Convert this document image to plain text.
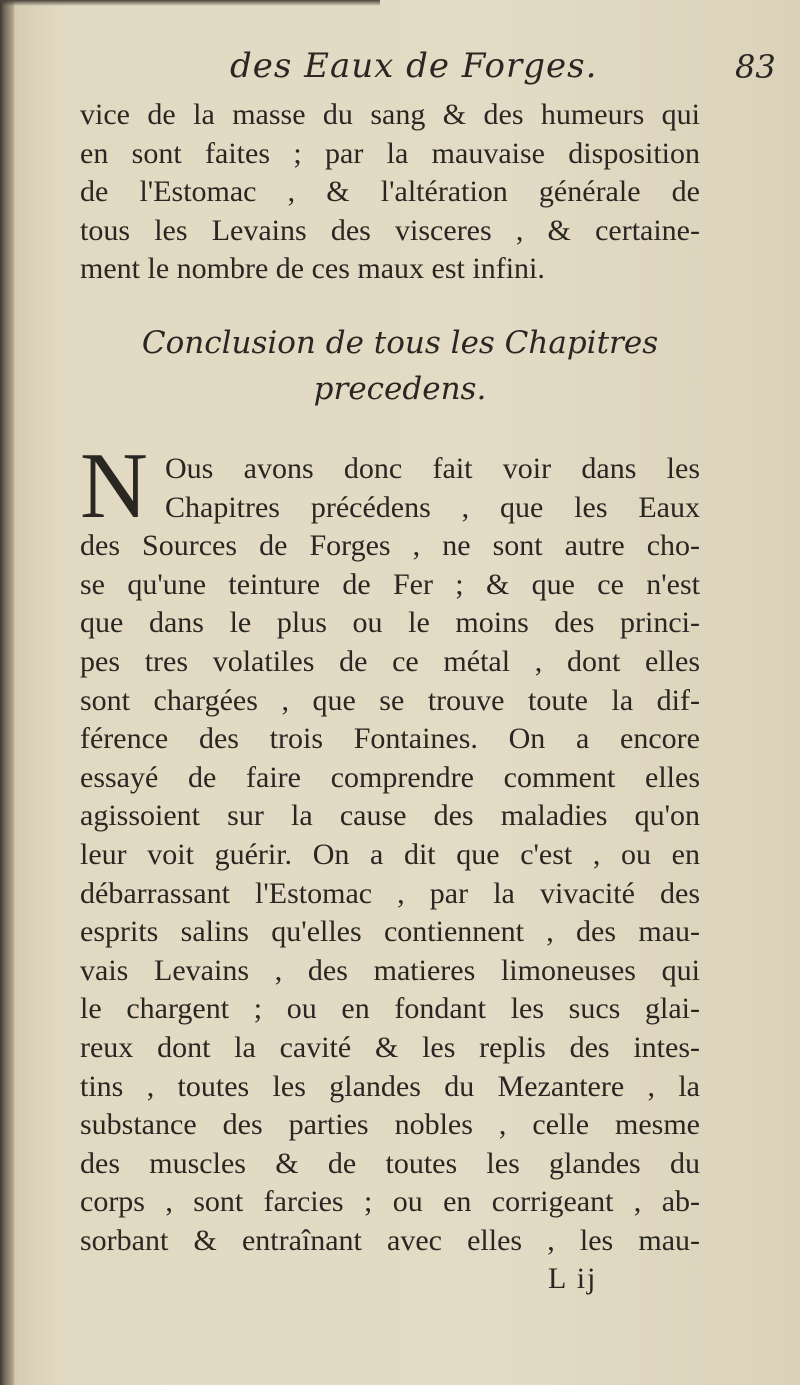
des Eaux de Forges.	83
vice de la masse du sang & des humeurs qui
en sont faites ; par la mauvaise disposition
de l'Estomac , & l'altération générale de
tous les Levains des visceres , & certaine-
ment le nombre de ces maux est infini.
Conclusion de tous les Chapitres
precedens.
N Ous avons donc fait voir dans les
Chapitres précédens , que les Eaux
des Sources de Forges , ne sont autre cho-
se qu'une teinture de Fer ; & que ce n'est
que dans le plus ou le moins des princi-
pes tres volatiles de ce métal , dont elles
sont chargées , que se trouve toute la dif-
férence des trois Fontaines. On a encore
essayé de faire comprendre comment elles
agissoient sur la cause des maladies qu'on
leur voit guérir. On a dit que c'est , ou en
débarrassant l'Estomac , par la vivacité des
esprits salins qu'elles contiennent , des mau-
vais Levains , des matieres limoneuses qui
le chargent ; ou en fondant les sucs glai-
reux dont la cavité & les replis des intes-
tins , toutes les glandes du Mezantere , la
substance des parties nobles , celle mesme
des muscles & de toutes les glandes du
corps , sont farcies ; ou en corrigeant , ab-
sorbant & entraînant avec elles , les mau-
L ij
